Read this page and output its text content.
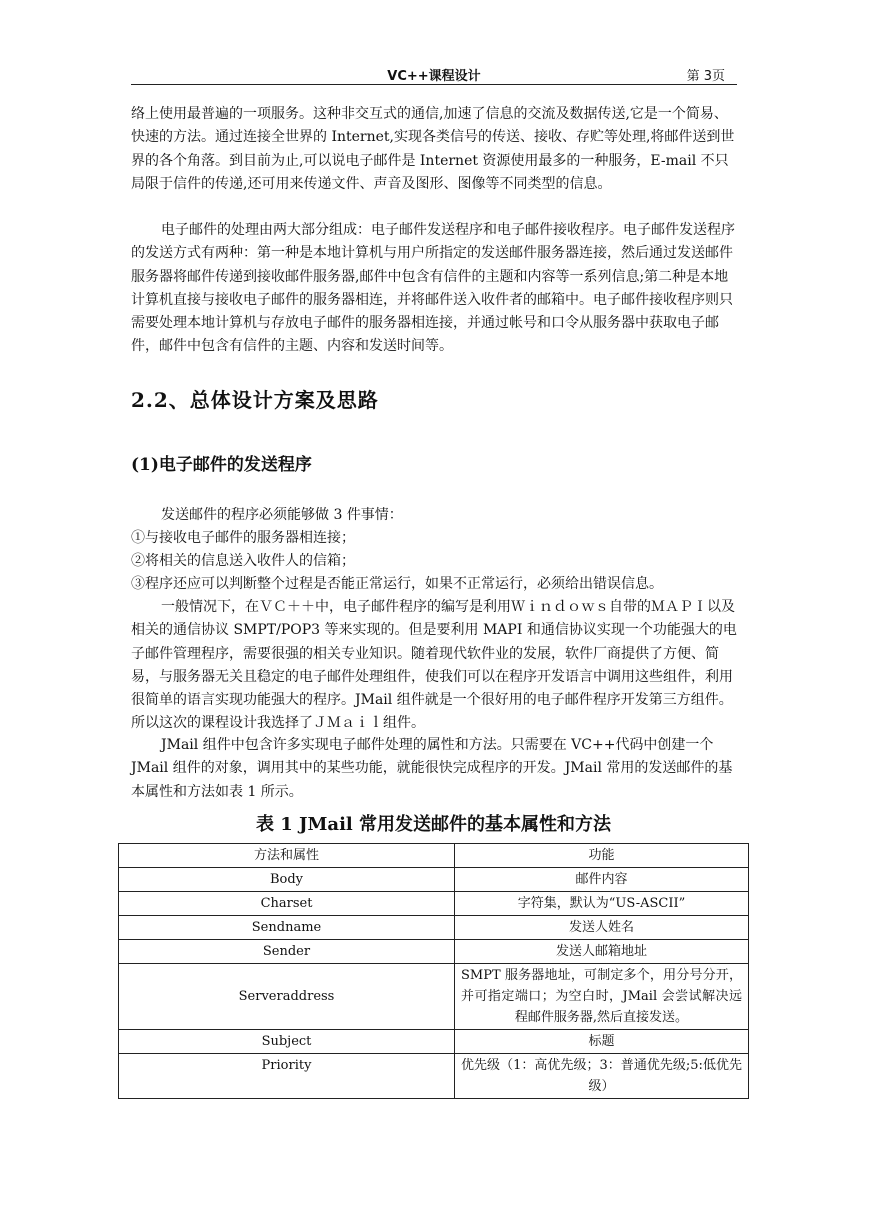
VC++课程设计	第 3页

络上使用最普遍的一项服务。这种非交互式的通信,加速了信息的交流及数据传送,它是一个简易、快速的方法。通过连接全世界的 Internet,实现各类信号的传送、接收、存贮等处理,将邮件送到世界的各个角落。到目前为止,可以说电子邮件是 Internet 资源使用最多的一种服务，E-mail 不只局限于信件的传递,还可用来传递文件、声音及图形、图像等不同类型的信息。

电子邮件的处理由两大部分组成：电子邮件发送程序和电子邮件接收程序。电子邮件发送程序的发送方式有两种：第一种是本地计算机与用户所指定的发送邮件服务器连接，然后通过发送邮件服务器将邮件传递到接收邮件服务器,邮件中包含有信件的主题和内容等一系列信息;第二种是本地计算机直接与接收电子邮件的服务器相连，并将邮件送入收件者的邮箱中。电子邮件接收程序则只需要处理本地计算机与存放电子邮件的服务器相连接，并通过帐号和口令从服务器中获取电子邮件，邮件中包含有信件的主题、内容和发送时间等。

2.2、总体设计方案及思路
(1)电子邮件的发送程序

发送邮件的程序必须能够做 3 件事情：

①与接收电子邮件的服务器相连接；

②将相关的信息送入收件人的信箱；

③程序还应可以判断整个过程是否能正常运行，如果不正常运行，必须给出错误信息。

一般情况下，在ＶＣ＋＋中，电子邮件程序的编写是利用Ｗｉｎｄｏｗｓ自带的ＭＡＰＩ以及相关的通信协议 SMPT/POP3 等来实现的。但是要利用 MAPI 和通信协议实现一个功能强大的电子邮件管理程序，需要很强的相关专业知识。随着现代软件业的发展，软件厂商提供了方便、简易，与服务器无关且稳定的电子邮件处理组件，使我们可以在程序开发语言中调用这些组件，利用很简单的语言实现功能强大的程序。JMail 组件就是一个很好用的电子邮件程序开发第三方组件。所以这次的课程设计我选择了ＪＭａｉｌ组件。

JMail 组件中包含许多实现电子邮件处理的属性和方法。只需要在 VC++代码中创建一个 JMail 组件的对象，调用其中的某些功能，就能很快完成程序的开发。JMail 常用的发送邮件的基本属性和方法如表 1 所示。

表 1 JMail 常用发送邮件的基本属性和方法
方法和属性	功能
Body	邮件内容
Charset	字符集，默认为“US-ASCII”
Sendname	发送人姓名
Sender	发送人邮箱地址
Serveraddress	SMPT 服务器地址，可制定多个，用分号分开，并可指定端口；为空白时，JMail 会尝试解决远程邮件服务器,然后直接发送。
Subject	标题
Priority	优先级（1：高优先级；3：普通优先级;5:低优先级）
